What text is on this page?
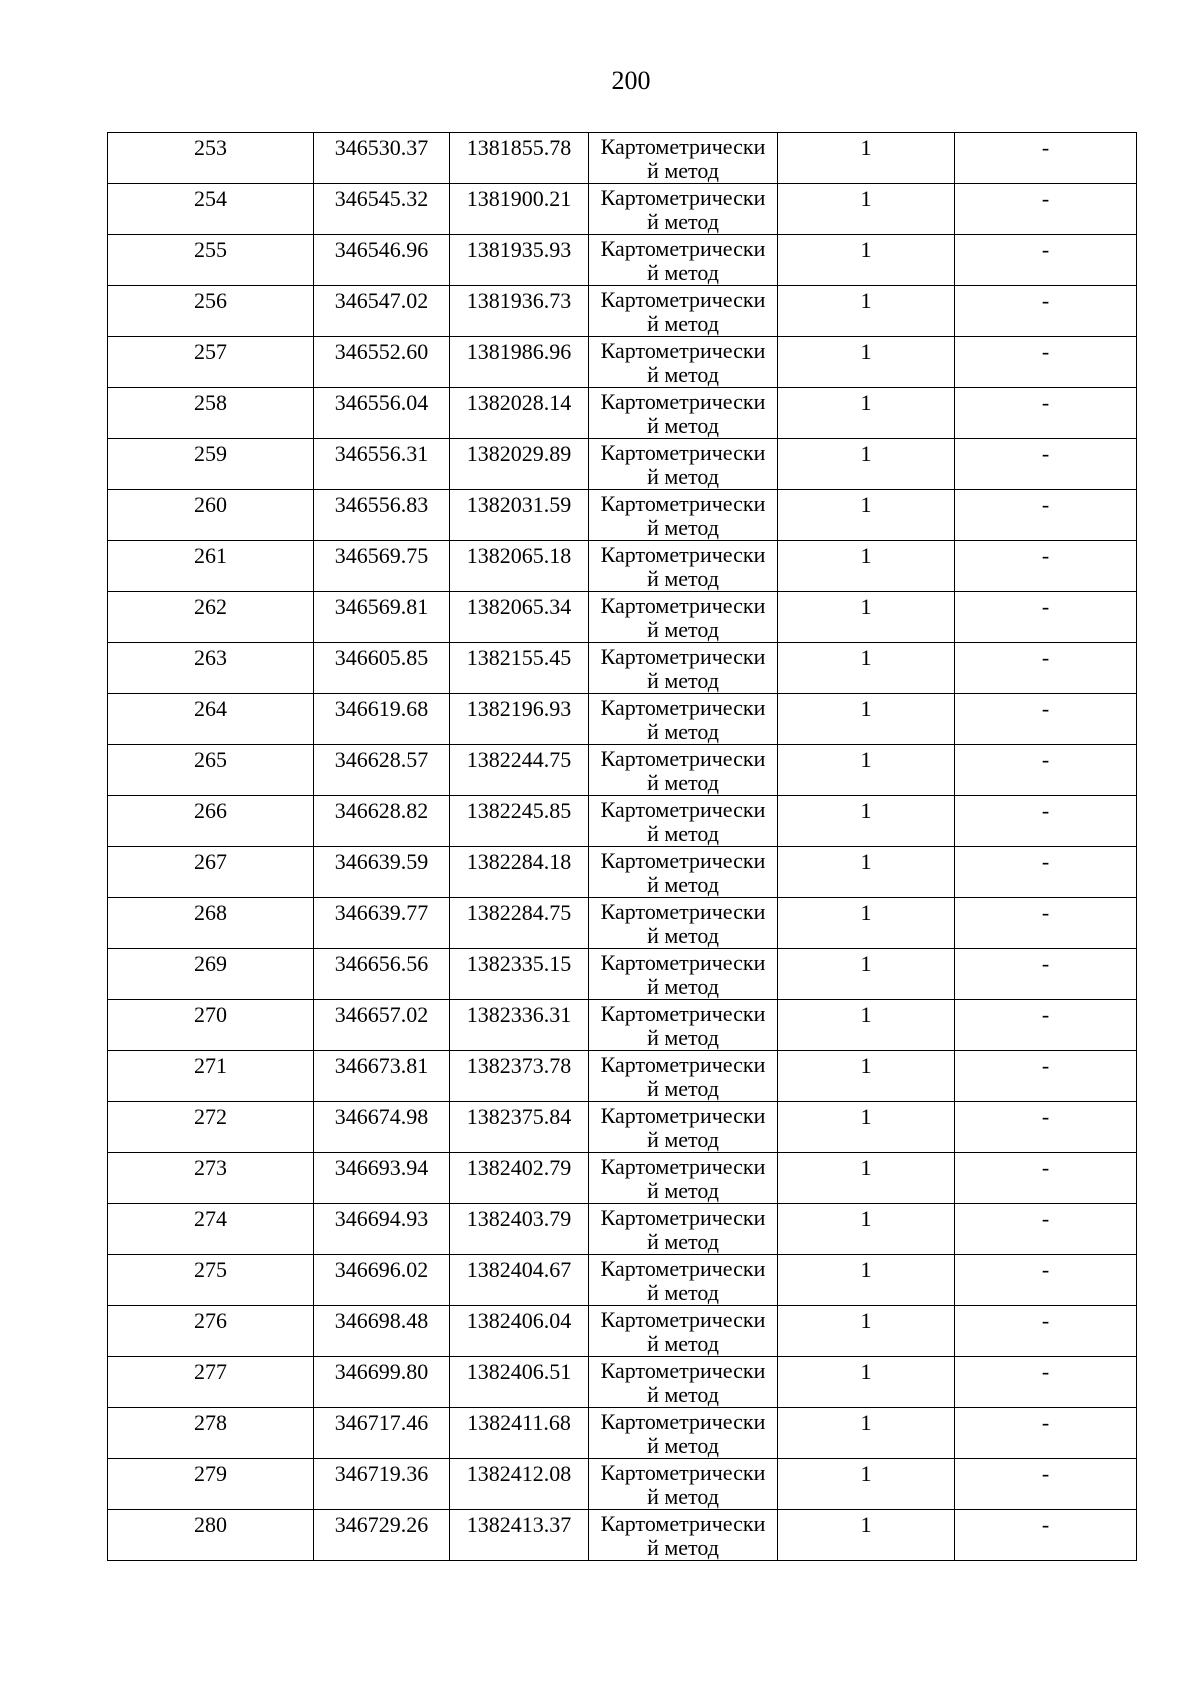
200
253	346530.37	1381855.78	Картометрически
й метод	1	-

254	346545.32	1381900.21	Картометрически
й метод	1	-

255	346546.96	1381935.93	Картометрически
й метод	1	-

256	346547.02	1381936.73	Картометрически
й метод	1	-

257	346552.60	1381986.96	Картометрически
й метод	1	-

258	346556.04	1382028.14	Картометрически
й метод	1	-

259	346556.31	1382029.89	Картометрически
й метод	1	-

260	346556.83	1382031.59	Картометрически
й метод	1	-

261	346569.75	1382065.18	Картометрически
й метод	1	-

262	346569.81	1382065.34	Картометрически
й метод	1	-

263	346605.85	1382155.45	Картометрически
й метод	1	-

264	346619.68	1382196.93	Картометрически
й метод	1	-

265	346628.57	1382244.75	Картометрически
й метод	1	-

266	346628.82	1382245.85	Картометрически
й метод	1	-

267	346639.59	1382284.18	Картометрически
й метод	1	-

268	346639.77	1382284.75	Картометрически
й метод	1	-

269	346656.56	1382335.15	Картометрически
й метод	1	-

270	346657.02	1382336.31	Картометрически
й метод	1	-

271	346673.81	1382373.78	Картометрически
й метод	1	-

272	346674.98	1382375.84	Картометрически
й метод	1	-

273	346693.94	1382402.79	Картометрически
й метод	1	-

274	346694.93	1382403.79	Картометрически
й метод	1	-

275	346696.02	1382404.67	Картометрически
й метод	1	-

276	346698.48	1382406.04	Картометрически
й метод	1	-

277	346699.80	1382406.51	Картометрически
й метод	1	-

278	346717.46	1382411.68	Картометрически
й метод	1	-

279	346719.36	1382412.08	Картометрически
й метод	1	-

280	346729.26	1382413.37	Картометрически
й метод	1	-
